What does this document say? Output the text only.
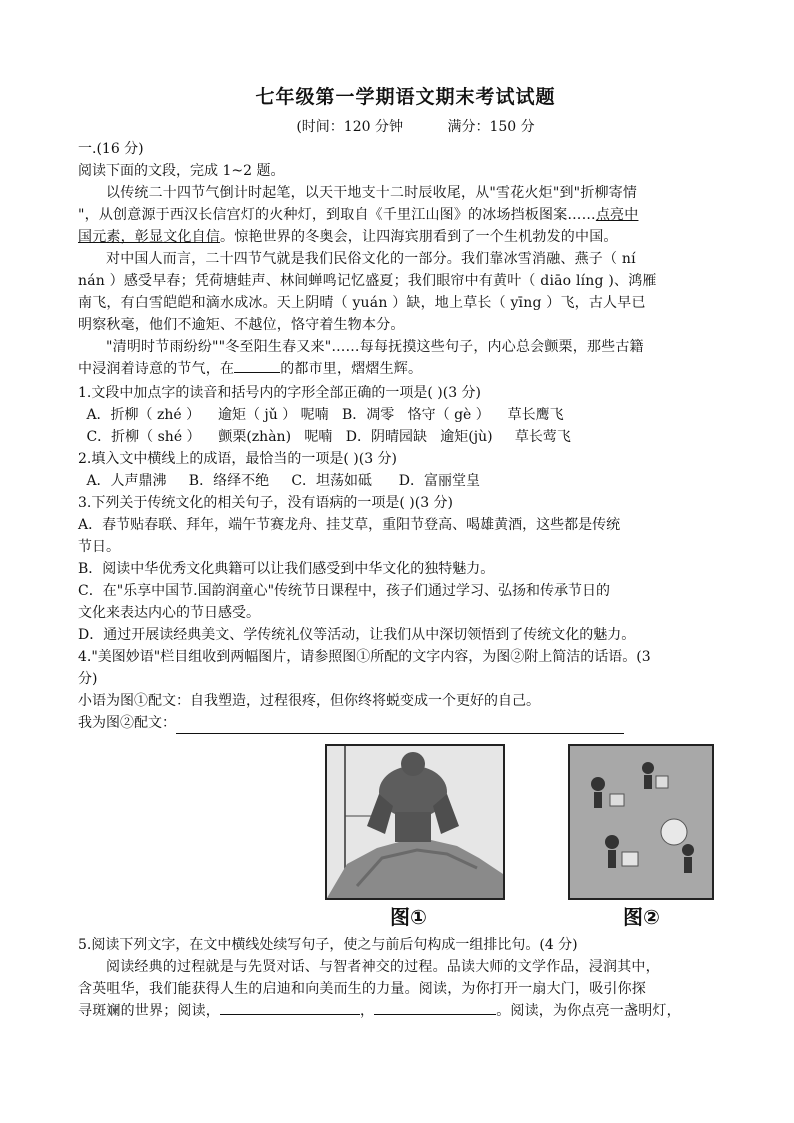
七年级第一学期语文期末考试试题
(时间：120 分钟          满分：150 分

一.(16 分)

阅读下面的文段，完成 1~2 题。

以传统二十四节气倒计时起笔，以天干地支十二时辰收尾，从"雪花火炬"到"折柳寄情

"，从创意源于西汉长信宫灯的火种灯，到取自《千里江山图》的冰场挡板图案……点亮中

国元素，彰显文化自信。惊艳世界的冬奥会，让四海宾朋看到了一个生机勃发的中国。

对中国人而言，二十四节气就是我们民俗文化的一部分。我们靠冰雪消融、燕子（ ní

nán ）感受早春；凭荷塘蛙声、林间蝉鸣记忆盛夏；我们眼帘中有黄叶（ diāo líng )、鸿雁

南飞，有白雪皑皑和滴水成冰。天上阴晴（ yuán ）缺，地上草长（ yīng ）飞，古人早已

明察秋毫，他们不逾矩、不越位，恪守着生物本分。

"清明时节雨纷纷""冬至阳生春又来"……每每抚摸这些句子，内心总会颤栗，那些古籍

中浸润着诗意的节气，在	的都市里，熠熠生辉。

1.文段中加点字的读音和括号内的字形全部正确的一项是( )(3 分)

A．折柳（ zhé ）    逾矩（ jǔ ） 呢喃   B．凋零   恪守（ gè ）    草长鹰飞

C．折柳（ shé ）    颤栗(zhàn)   呢喃   D．阴晴园缺   逾矩(jù)     草长莺飞

2.填入文中横线上的成语，最恰当的一项是( )(3 分)

A．人声鼎沸     B．络绎不绝     C．坦荡如砥      D．富丽堂皇

3.下列关于传统文化的相关句子，没有语病的一项是( )(3 分)

A．春节贴春联、拜年，端午节赛龙舟、挂艾草，重阳节登高、喝雄黄酒，这些都是传统

节日。

B．阅读中华优秀文化典籍可以让我们感受到中华文化的独特魅力。

C．在"乐享中国节.国韵润童心"传统节日课程中，孩子们通过学习、弘扬和传承节日的

文化来表达内心的节日感受。

D．通过开展读经典美文、学传统礼仪等活动，让我们从中深切领悟到了传统文化的魅力。

4."美图妙语"栏目组收到两幅图片，请参照图①所配的文字内容，为图②附上简洁的话语。(3

分)

小语为图①配文：自我塑造，过程很疼，但你终将蜕变成一个更好的自己。

我为图②配文：

图①	图②

5.阅读下列文字，在文中横线处续写句子，使之与前后句构成一组排比句。(4 分)

阅读经典的过程就是与先贤对话、与智者神交的过程。品读大师的文学作品，浸润其中，

含英咀华，我们能获得人生的启迪和向美而生的力量。阅读，为你打开一扇大门，吸引你探

寻斑斓的世界；阅读，	，	。阅读，为你点亮一盏明灯，
